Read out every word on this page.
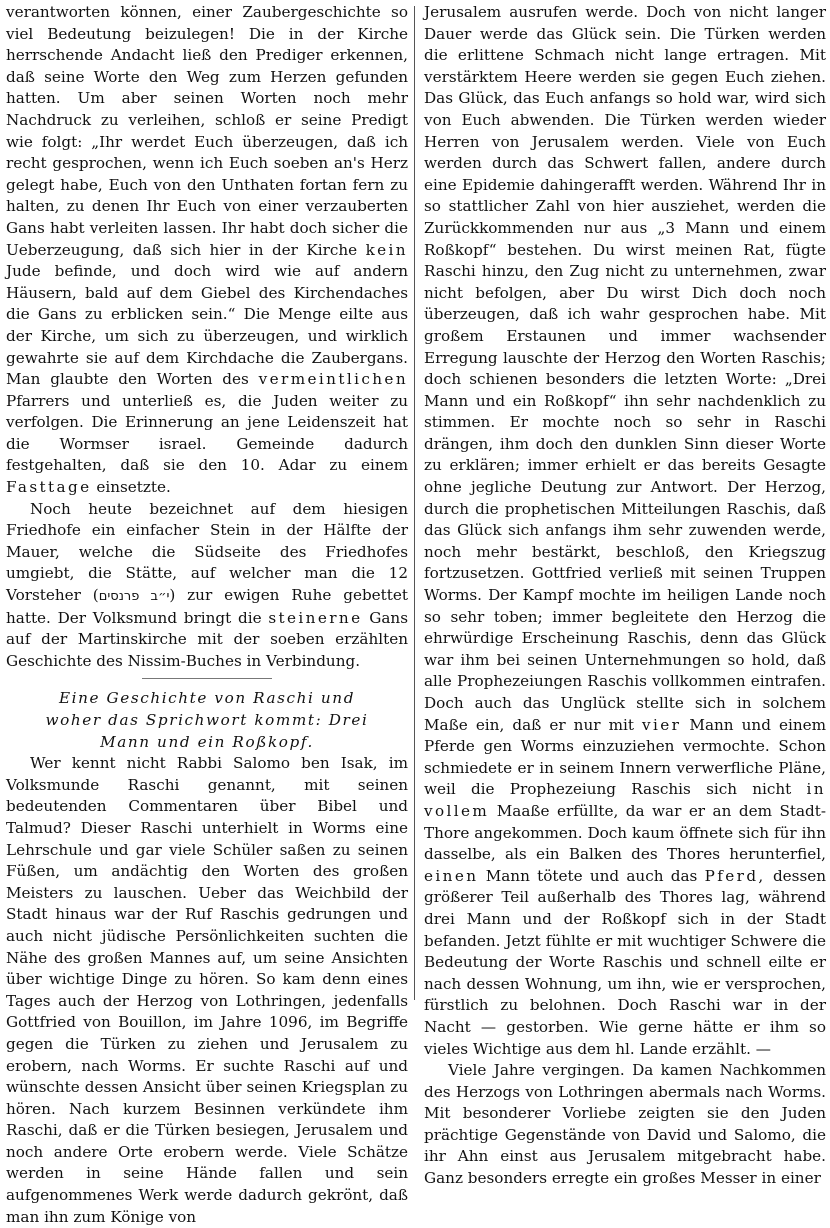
verantworten können, einer Zaubergeschichte so viel Bedeutung beizulegen! Die in der Kirche herrschende Andacht ließ den Prediger erkennen, daß seine Worte den Weg zum Herzen gefunden hatten. Um aber seinen Worten noch mehr Nachdruck zu verleihen, schloß er seine Predigt wie folgt: „Ihr werdet Euch überzeugen, daß ich recht gesprochen, wenn ich Euch soeben an's Herz gelegt habe, Euch von den Unthaten fortan fern zu halten, zu denen Ihr Euch von einer verzauberten Gans habt verleiten lassen. Ihr habt doch sicher die Ueberzeugung, daß sich hier in der Kirche kein Jude befinde, und doch wird wie auf andern Häusern, bald auf dem Giebel des Kirchendaches die Gans zu erblicken sein.“ Die Menge eilte aus der Kirche, um sich zu überzeugen, und wirklich gewahrte sie auf dem Kirchdache die Zaubergans. Man glaubte den Worten des vermeintlichen Pfarrers und unterließ es, die Juden weiter zu verfolgen. Die Erinnerung an jene Leidenszeit hat die Wormser israel. Gemeinde dadurch festgehalten, daß sie den 10. Adar zu einem Fasttage einsetzte.

Noch heute bezeichnet auf dem hiesigen Friedhofe ein einfacher Stein in der Hälfte der Mauer, welche die Südseite des Friedhofes umgiebt, die Stätte, auf welcher man die 12 Vorsteher (י״ב פרנסים) zur ewigen Ruhe gebettet hatte. Der Volksmund bringt die steinerne Gans auf der Martinskirche mit der soeben erzählten Geschichte des Nissim-Buches in Verbindung.

Eine Geschichte von Raschi und
woher das Sprichwort kommt: Drei
Mann und ein Roßkopf.

Wer kennt nicht Rabbi Salomo ben Isak, im Volksmunde Raschi genannt, mit seinen bedeutenden Commentaren über Bibel und Talmud? Dieser Raschi unterhielt in Worms eine Lehrschule und gar viele Schüler saßen zu seinen Füßen, um andächtig den Worten des großen Meisters zu lauschen. Ueber das Weichbild der Stadt hinaus war der Ruf Raschis gedrungen und auch nicht jüdische Persönlichkeiten suchten die Nähe des großen Mannes auf, um seine Ansichten über wichtige Dinge zu hören. So kam denn eines Tages auch der Herzog von Lothringen, jedenfalls Gottfried von Bouillon, im Jahre 1096, im Begriffe gegen die Türken zu ziehen und Jerusalem zu erobern, nach Worms. Er suchte Raschi auf und wünschte dessen Ansicht über seinen Kriegsplan zu hören. Nach kurzem Besinnen verkündete ihm Raschi, daß er die Türken besiegen, Jerusalem und noch andere Orte erobern werde. Viele Schätze werden in seine Hände fallen und sein aufgenommenes Werk werde dadurch gekrönt, daß man ihn zum Könige von

Jerusalem ausrufen werde. Doch von nicht langer Dauer werde das Glück sein. Die Türken werden die erlittene Schmach nicht lange ertragen. Mit verstärktem Heere werden sie gegen Euch ziehen. Das Glück, das Euch anfangs so hold war, wird sich von Euch abwenden. Die Türken werden wieder Herren von Jerusalem werden. Viele von Euch werden durch das Schwert fallen, andere durch eine Epidemie dahingerafft werden. Während Ihr in so stattlicher Zahl von hier ausziehet, werden die Zurückkommenden nur aus „3 Mann und einem Roßkopf“ bestehen. Du wirst meinen Rat, fügte Raschi hinzu, den Zug nicht zu unternehmen, zwar nicht befolgen, aber Du wirst Dich doch noch überzeugen, daß ich wahr gesprochen habe. Mit großem Erstaunen und immer wachsender Erregung lauschte der Herzog den Worten Raschis; doch schienen besonders die letzten Worte: „Drei Mann und ein Roßkopf“ ihn sehr nachdenklich zu stimmen. Er mochte noch so sehr in Raschi drängen, ihm doch den dunklen Sinn dieser Worte zu erklären; immer erhielt er das bereits Gesagte ohne jegliche Deutung zur Antwort. Der Herzog, durch die prophetischen Mitteilungen Raschis, daß das Glück sich anfangs ihm sehr zuwenden werde, noch mehr bestärkt, beschloß, den Kriegszug fortzusetzen. Gottfried verließ mit seinen Truppen Worms. Der Kampf mochte im heiligen Lande noch so sehr toben; immer begleitete den Herzog die ehrwürdige Erscheinung Raschis, denn das Glück war ihm bei seinen Unternehmungen so hold, daß alle Prophezeiungen Raschis vollkommen eintrafen. Doch auch das Unglück stellte sich in solchem Maße ein, daß er nur mit vier Mann und einem Pferde gen Worms einzuziehen vermochte. Schon schmiedete er in seinem Innern verwerfliche Pläne, weil die Prophezeiung Raschis sich nicht in vollem Maaße erfüllte, da war er an dem Stadt-Thore angekommen. Doch kaum öffnete sich für ihn dasselbe, als ein Balken des Thores herunterfiel, einen Mann tötete und auch das Pferd, dessen größerer Teil außerhalb des Thores lag, während drei Mann und der Roßkopf sich in der Stadt befanden. Jetzt fühlte er mit wuchtiger Schwere die Bedeutung der Worte Raschis und schnell eilte er nach dessen Wohnung, um ihn, wie er versprochen, fürstlich zu belohnen. Doch Raschi war in der Nacht — gestorben. Wie gerne hätte er ihm so vieles Wichtige aus dem hl. Lande erzählt. —

Viele Jahre vergingen. Da kamen Nachkommen des Herzogs von Lothringen abermals nach Worms. Mit besonderer Vorliebe zeigten sie den Juden prächtige Gegenstände von David und Salomo, die ihr Ahn einst aus Jerusalem mitgebracht habe. Ganz besonders erregte ein großes Messer in einer
